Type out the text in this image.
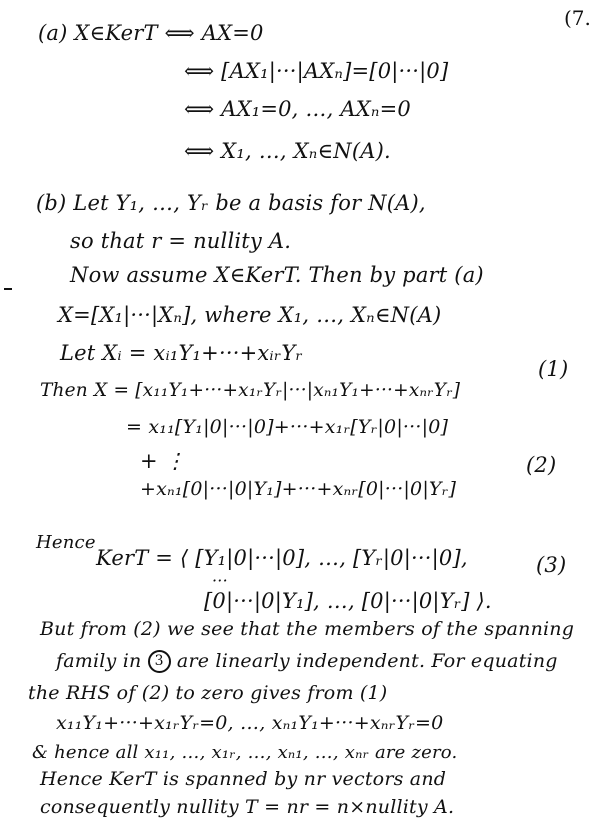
(7.
(a) X∈KerT ⟺ AX=0
⟺ [AX₁|···|AXₙ]=[0|···|0]
⟺ AX₁=0, …, AXₙ=0
⟺ X₁, …, Xₙ∈N(A).
(b) Let Y₁, …, Yᵣ be a basis for N(A),
so that r = nullity A.
Now assume X∈KerT. Then by part (a)
X=[X₁|···|Xₙ], where X₁, …, Xₙ∈N(A)
Let Xᵢ = xᵢ₁Y₁+···+xᵢᵣYᵣ
Then X = [x₁₁Y₁+···+x₁ᵣYᵣ|···|xₙ₁Y₁+···+xₙᵣYᵣ]
(1)
= x₁₁[Y₁|0|···|0]+···+x₁ᵣ[Yᵣ|0|···|0]
+ ⋮
+xₙ₁[0|···|0|Y₁]+···+xₙᵣ[0|···|0|Yᵣ]
(2)
Hence
KerT = ⟨ [Y₁|0|···|0], …, [Yᵣ|0|···|0],
···
[0|···|0|Y₁], …, [0|···|0|Yᵣ] ⟩.
(3)
But from (2) we see that the members of the spanning
family in 3 are linearly independent. For equating
the RHS of (2) to zero gives from (1)
x₁₁Y₁+···+x₁ᵣYᵣ=0, …, xₙ₁Y₁+···+xₙᵣYᵣ=0
& hence all x₁₁, …, x₁ᵣ, …, xₙ₁, …, xₙᵣ are zero.
Hence KerT is spanned by nr vectors and
consequently nullity T = nr = n×nullity A.
